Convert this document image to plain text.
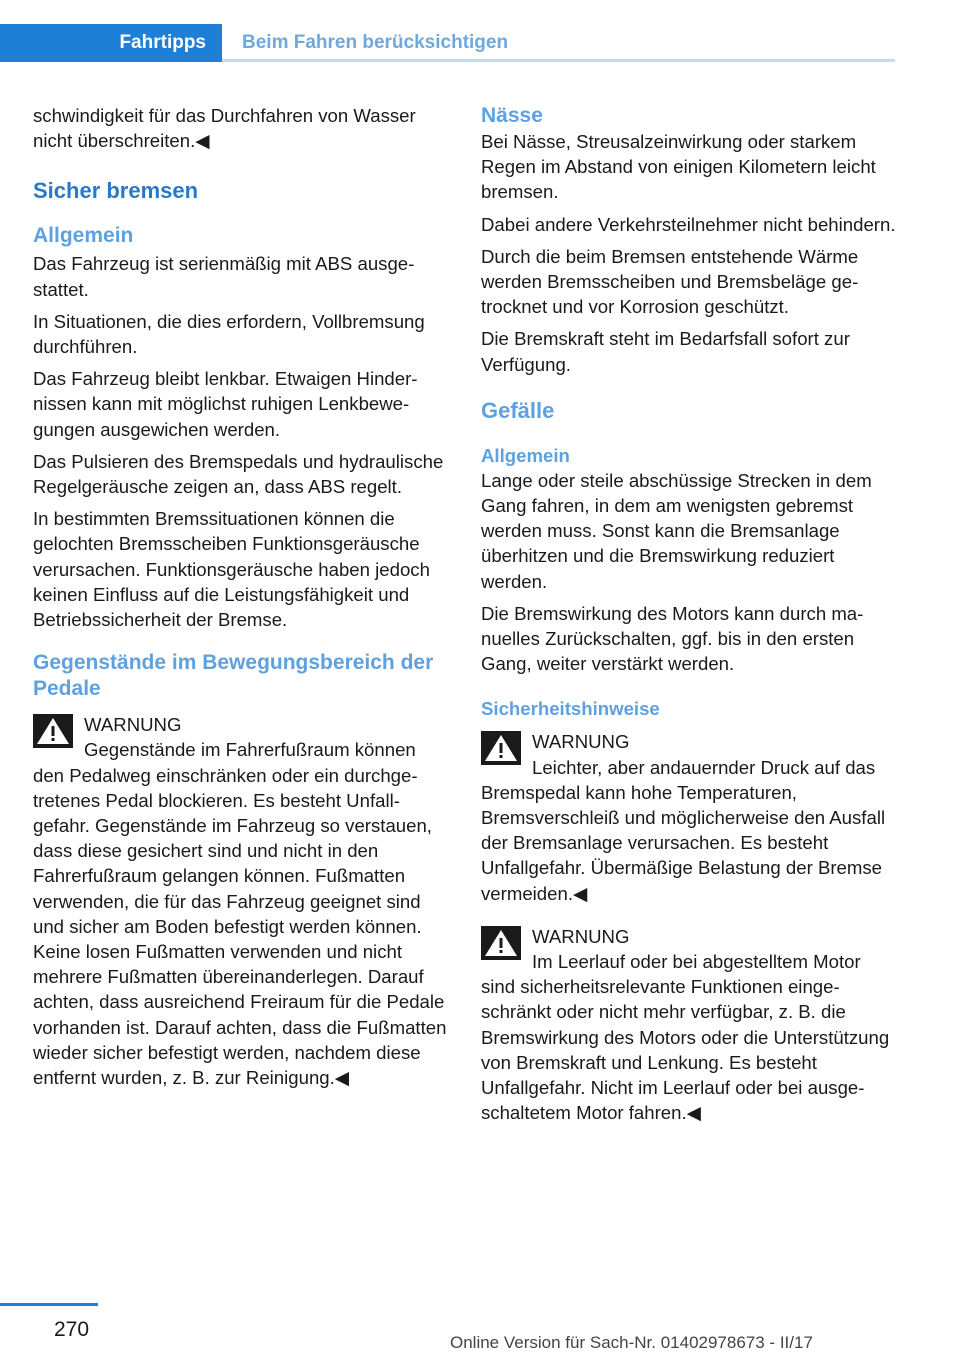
Fahrtipps	Beim Fahren berücksichtigen

schwindigkeit für das Durchfahren von Wasser nicht überschreiten.◀

Sicher bremsen
Allgemein

Das Fahrzeug ist serienmäßig mit ABS ausgestattet.

In Situationen, die dies erfordern, Vollbremsung durchführen.

Das Fahrzeug bleibt lenkbar. Etwaigen Hindernissen kann mit möglichst ruhigen Lenkbewegungen ausgewichen werden.

Das Pulsieren des Bremspedals und hydraulische Regelgeräusche zeigen an, dass ABS regelt.

In bestimmten Bremssituationen können die gelochten Bremsscheiben Funktionsgeräusche verursachen. Funktionsgeräusche haben jedoch keinen Einfluss auf die Leistungsfähigkeit und Betriebssicherheit der Bremse.

Gegenstände im Bewegungsbereich der Pedale
WARNUNG

Gegenstände im Fahrerfußraum können den Pedalweg einschränken oder ein durchgetretenes Pedal blockieren. Es besteht Unfallgefahr. Gegenstände im Fahrzeug so verstauen, dass diese gesichert sind und nicht in den Fahrerfußraum gelangen können. Fußmatten verwenden, die für das Fahrzeug geeignet sind und sicher am Boden befestigt werden können. Keine losen Fußmatten verwenden und nicht mehrere Fußmatten übereinanderlegen. Darauf achten, dass ausreichend Freiraum für die Pedale vorhanden ist. Darauf achten, dass die Fußmatten wieder sicher befestigt werden, nachdem diese entfernt wurden, z. B. zur Reinigung.◀

Nässe

Bei Nässe, Streusalzeinwirkung oder starkem Regen im Abstand von einigen Kilometern leicht bremsen.

Dabei andere Verkehrsteilnehmer nicht behindern.

Durch die beim Bremsen entstehende Wärme werden Bremsscheiben und Bremsbeläge getrocknet und vor Korrosion geschützt.

Die Bremskraft steht im Bedarfsfall sofort zur Verfügung.

Gefälle
Allgemein

Lange oder steile abschüssige Strecken in dem Gang fahren, in dem am wenigsten gebremst werden muss. Sonst kann die Bremsanlage überhitzen und die Bremswirkung reduziert werden.

Die Bremswirkung des Motors kann durch manuelles Zurückschalten, ggf. bis in den ersten Gang, weiter verstärkt werden.

Sicherheitshinweise
WARNUNG

Leichter, aber andauernder Druck auf das Bremspedal kann hohe Temperaturen, Bremsverschleiß und möglicherweise den Ausfall der Bremsanlage verursachen. Es besteht Unfallgefahr. Übermäßige Belastung der Bremse vermeiden.◀

WARNUNG

Im Leerlauf oder bei abgestelltem Motor sind sicherheitsrelevante Funktionen eingeschränkt oder nicht mehr verfügbar, z. B. die Bremswirkung des Motors oder die Unterstützung von Bremskraft und Lenkung. Es besteht Unfallgefahr. Nicht im Leerlauf oder bei ausgeschaltetem Motor fahren.◀

270
Online Version für Sach-Nr. 01402978673 - II/17
